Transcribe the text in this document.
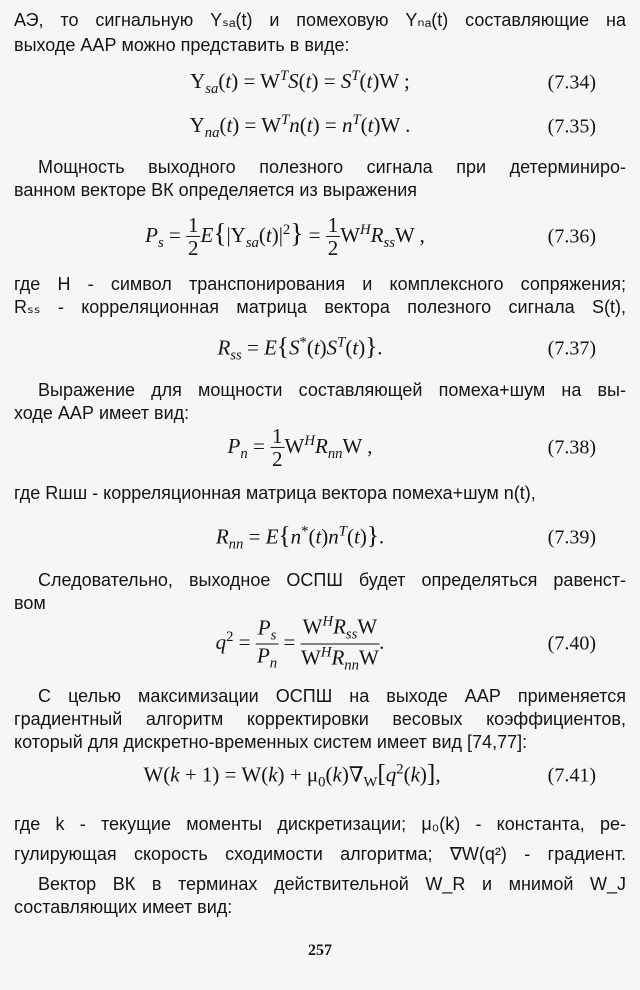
АЭ, то сигнальную Yₛₐ(t) и помеховую Yₙₐ(t) составляющие на
выходе ААР можно представить в виде:
$Y_{sa}(t) = W^TS(t) = S^T(t)W$ ;	(7.34)
$Y_{na}(t) = W^Tn(t) = n^T(t)W$ .	(7.35)
Мощность выходного полезного сигнала при детерминиро-
ванном векторе ВК определяется из выражения
$P_s = \frac{1}{2} E\{|Y_{sa}(t)|^2\} = \frac{1}{2} W^HR_{ss}W$ ,	(7.36)
где H - символ транспонирования и комплексного сопряжения;
Rₛₛ - корреляционная матрица вектора полезного сигнала S(t),
$R_{ss} = E\{S^*(t)S^T(t)\}$.	(7.37)
Выражение для мощности составляющей помеха+шум на вы-
ходе ААР имеет вид:
$P_n = \frac{1}{2} W^HR_{nn}W$ ,	(7.38)
где Rшш - корреляционная матрица вектора помеха+шум n(t),
$R_{nn} = E\{n^*(t)n^T(t)\}$.	(7.39)
Следовательно, выходное ОСПШ будет определяться равенст-
вом
$q^2 = \frac{P_s}{P_n} = \frac{W^HR_{ss}W}{W^HR_{nn}W}$ .	(7.40)
С целью максимизации ОСПШ на выходе ААР применяется
градиентный алгоритм корректировки весовых коэффициентов,
который для дискретно-временных систем имеет вид [74,77]:
$W(k + 1) = W(k) + \mu_0(k)\nabla_W[q^2(k)]$,	(7.41)
где k - текущие моменты дискретизации; μ₀(k) - константа, ре-
гулирующая скорость сходимости алгоритма; ∇W(q²) - градиент.
Вектор ВК в терминах действительной W_R и мнимой W_J
составляющих имеет вид:
257
